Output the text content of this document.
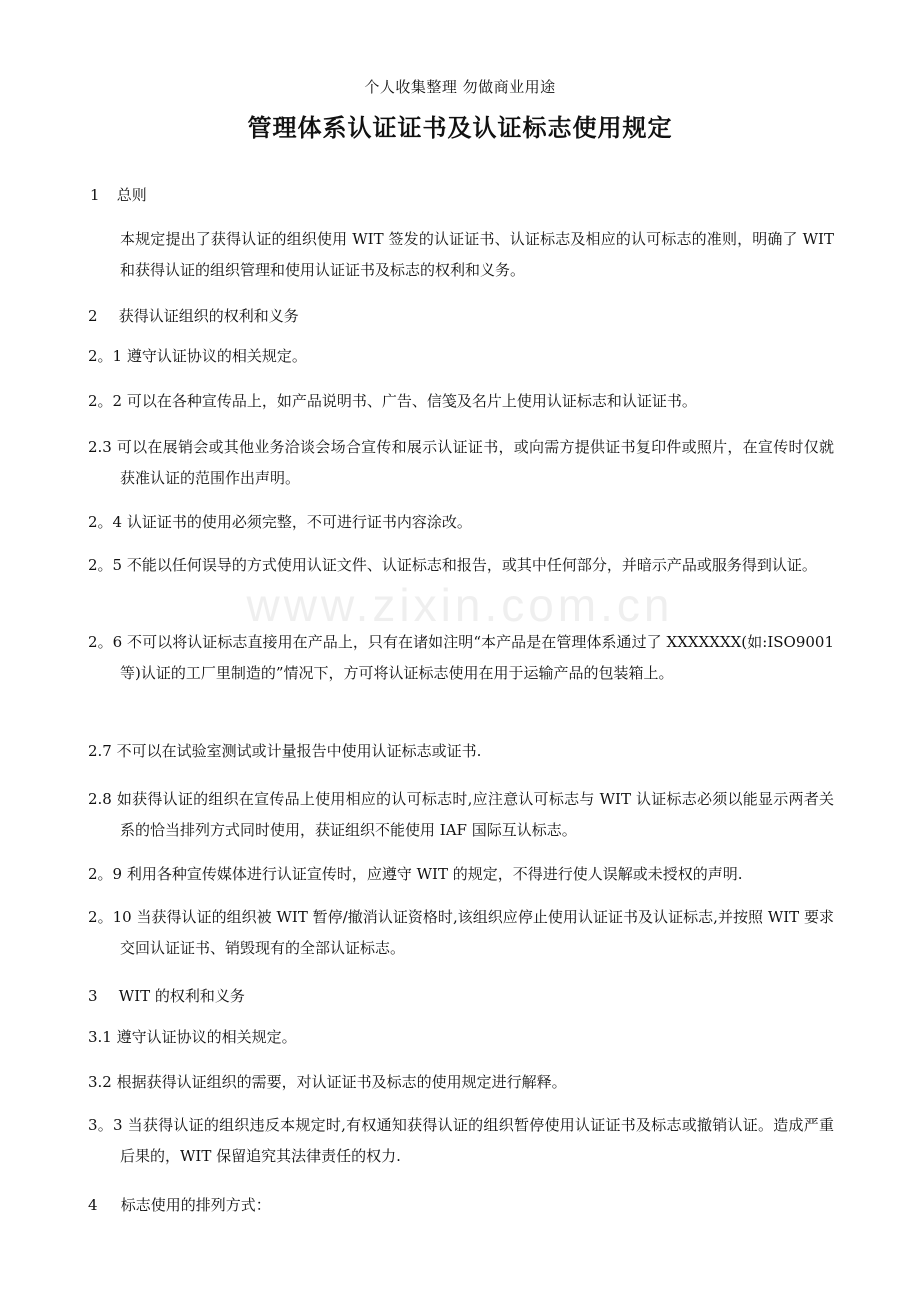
www.zixin.com.cn
个人收集整理 勿做商业用途
管理体系认证证书及认证标志使用规定
1 总则
本规定提出了获得认证的组织使用 WIT 签发的认证证书、认证标志及相应的认可标志的准则，明确了 WIT 和获得认证的组织管理和使用认证证书及标志的权利和义务。
2 获得认证组织的权利和义务
2。1 遵守认证协议的相关规定。
2。2 可以在各种宣传品上，如产品说明书、广告、信笺及名片上使用认证标志和认证证书。
2.3 可以在展销会或其他业务洽谈会场合宣传和展示认证证书，或向需方提供证书复印件或照片，在宣传时仅就获准认证的范围作出声明。
2。4 认证证书的使用必须完整，不可进行证书内容涂改。
2。5 不能以任何误导的方式使用认证文件、认证标志和报告，或其中任何部分，并暗示产品或服务得到认证。
2。6 不可以将认证标志直接用在产品上，只有在诸如注明“本产品是在管理体系通过了 XXXXXXX(如:ISO9001 等)认证的工厂里制造的”情况下，方可将认证标志使用在用于运输产品的包装箱上。
2.7 不可以在试验室测试或计量报告中使用认证标志或证书.
2.8 如获得认证的组织在宣传品上使用相应的认可标志时,应注意认可标志与 WIT 认证标志必须以能显示两者关系的恰当排列方式同时使用，获证组织不能使用 IAF 国际互认标志。
2。9 利用各种宣传媒体进行认证宣传时，应遵守 WIT 的规定，不得进行使人误解或未授权的声明.
2。10 当获得认证的组织被 WIT 暂停/撤消认证资格时,该组织应停止使用认证证书及认证标志,并按照 WIT 要求交回认证证书、销毁现有的全部认证标志。
3 WIT 的权利和义务
3.1 遵守认证协议的相关规定。
3.2 根据获得认证组织的需要，对认证证书及标志的使用规定进行解释。
3。3 当获得认证的组织违反本规定时,有权通知获得认证的组织暂停使用认证证书及标志或撤销认证。造成严重后果的，WIT 保留追究其法律责任的权力.
4 标志使用的排列方式：
